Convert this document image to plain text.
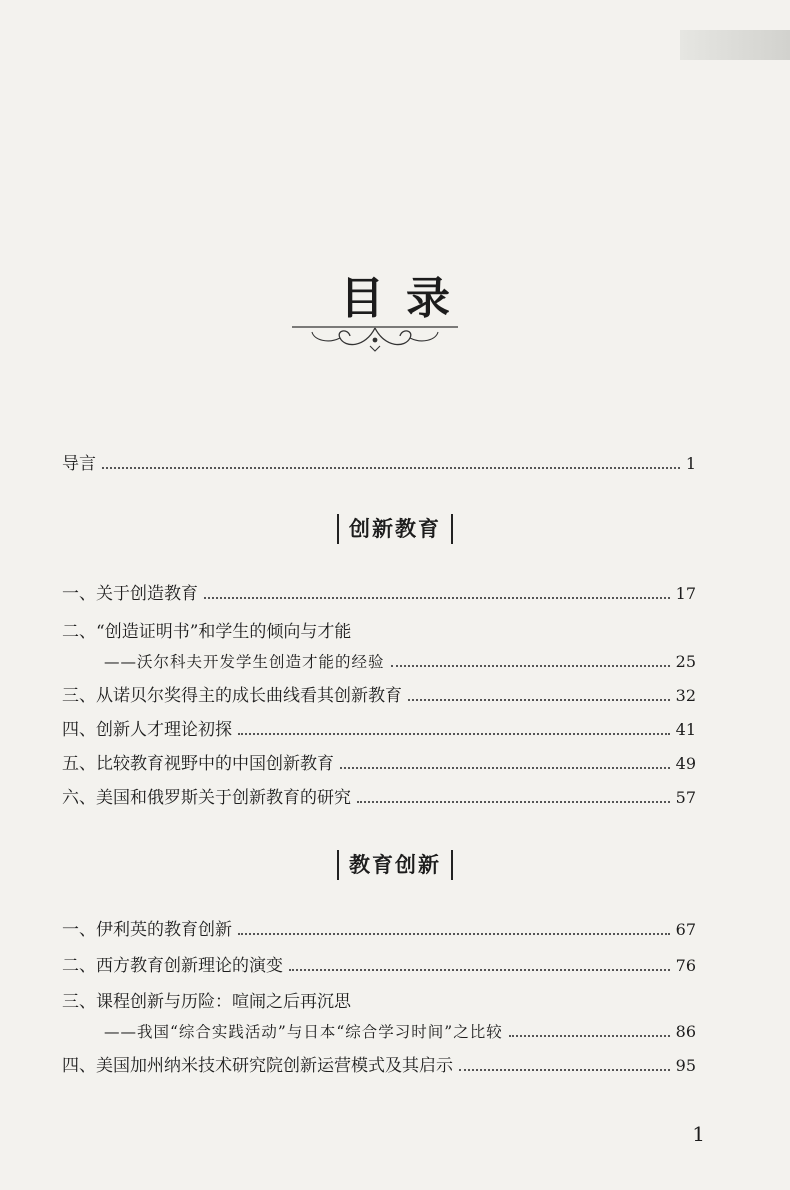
目录
导言	1
创新教育
一、关于创造教育	17
二、“创造证明书”和学生的倾向与才能
——沃尔科夫开发学生创造才能的经验	25
三、从诺贝尔奖得主的成长曲线看其创新教育	32
四、创新人才理论初探	41
五、比较教育视野中的中国创新教育	49
六、美国和俄罗斯关于创新教育的研究	57
教育创新
一、伊利英的教育创新	67
二、西方教育创新理论的演变	76
三、课程创新与历险：喧闹之后再沉思
——我国“综合实践活动”与日本“综合学习时间”之比较	86
四、美国加州纳米技术研究院创新运营模式及其启示	95
1
